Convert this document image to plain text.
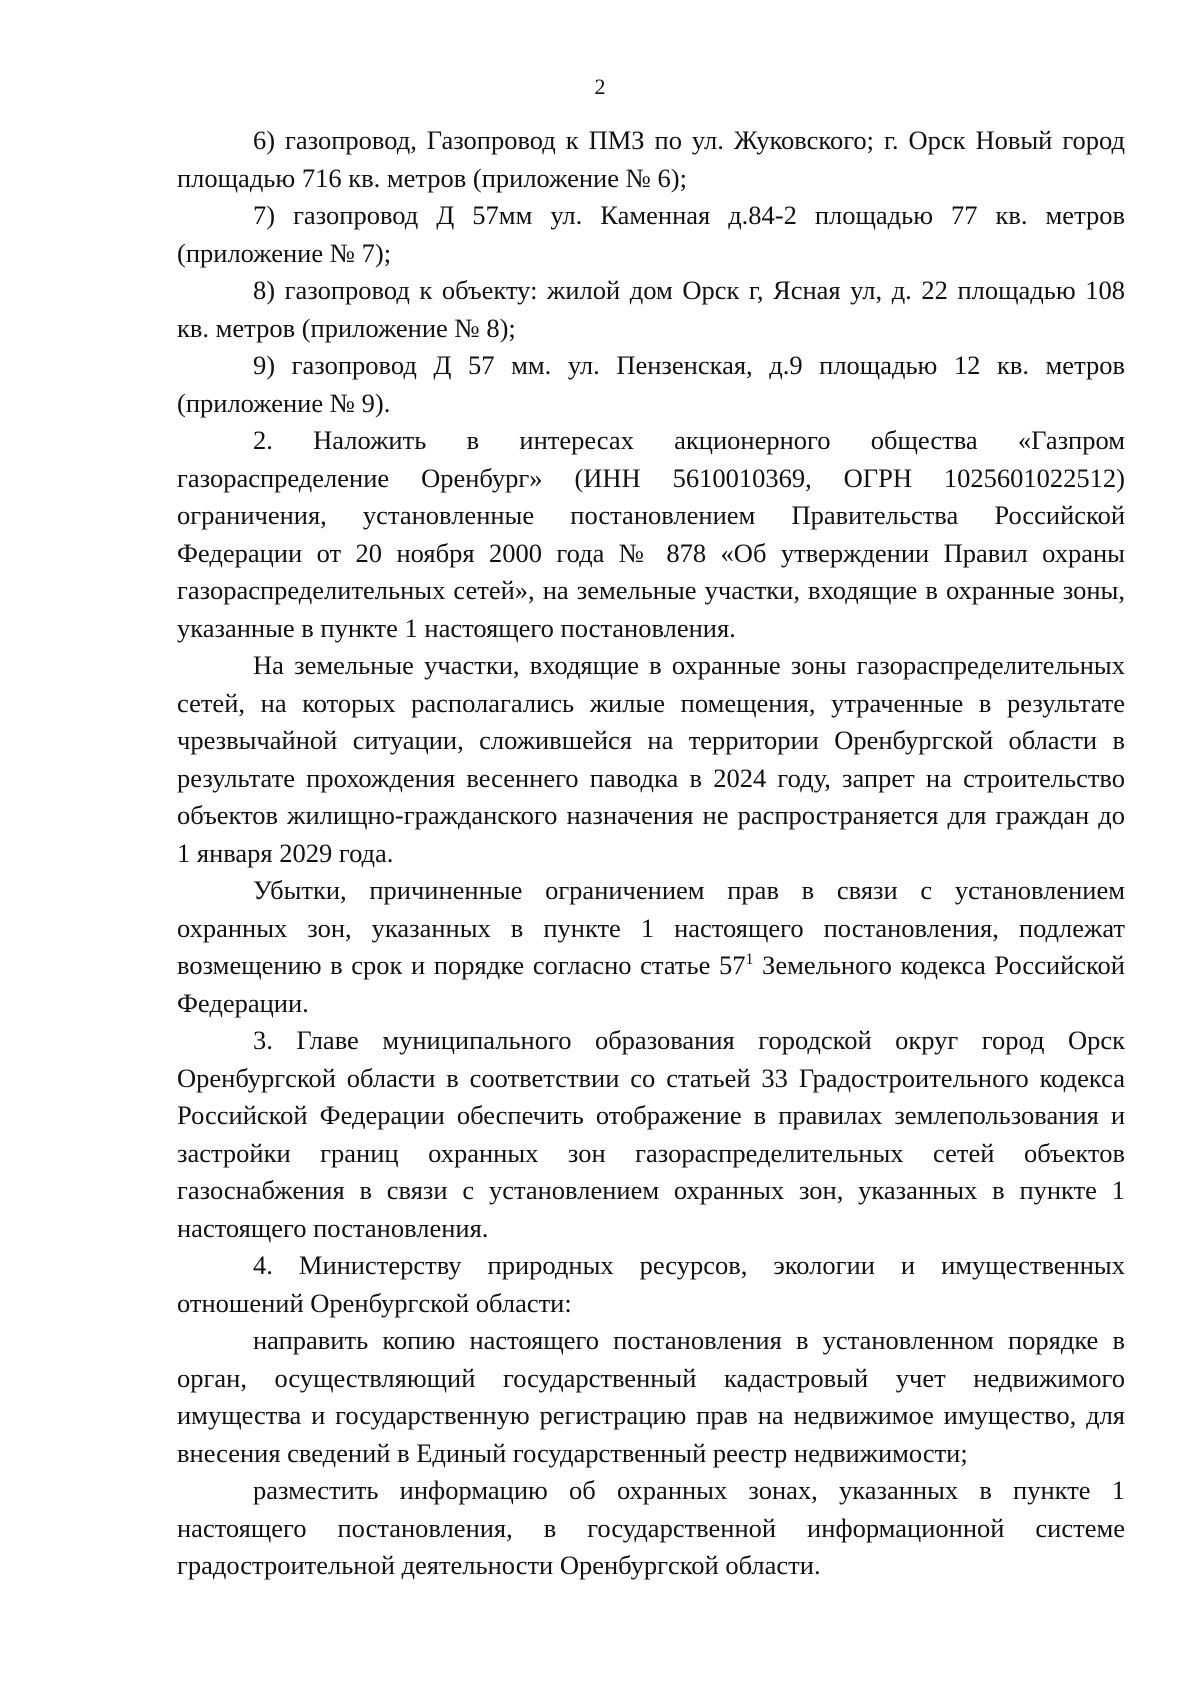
2

6) газопровод, Газопровод к ПМЗ по ул. Жуковского; г. Орск Новый город площадью 716 кв. метров (приложение № 6);

7) газопровод Д 57мм ул. Каменная д.84-2 площадью 77 кв. метров (приложение № 7);

8) газопровод к объекту: жилой дом Орск г, Ясная ул, д. 22 площадью 108 кв. метров (приложение № 8);

9) газопровод Д 57 мм. ул. Пензенская, д.9 площадью 12 кв. метров (приложение № 9).

2. Наложить в интересах акционерного общества «Газпром газораспределение Оренбург» (ИНН 5610010369, ОГРН 1025601022512) ограничения, установленные постановлением Правительства Российской Федерации от 20 ноября 2000 года № 878 «Об утверждении Правил охраны газораспределительных сетей», на земельные участки, входящие в охранные зоны, указанные в пункте 1 настоящего постановления.

На земельные участки, входящие в охранные зоны газораспределительных сетей, на которых располагались жилые помещения, утраченные в результате чрезвычайной ситуации, сложившейся на территории Оренбургской области в результате прохождения весеннего паводка в 2024 году, запрет на строительство объектов жилищно-гражданского назначения не распространяется для граждан до 1 января 2029 года.

Убытки, причиненные ограничением прав в связи с установлением охранных зон, указанных в пункте 1 настоящего постановления, подлежат возмещению в срок и порядке согласно статье $57^1$ Земельного кодекса Российской Федерации.

3. Главе муниципального образования городской округ город Орск Оренбургской области в соответствии со статьей 33 Градостроительного кодекса Российской Федерации обеспечить отображение в правилах землепользования и застройки границ охранных зон газораспределительных сетей объектов газоснабжения в связи с установлением охранных зон, указанных в пункте 1 настоящего постановления.

4. Министерству природных ресурсов, экологии и имущественных отношений Оренбургской области:

направить копию настоящего постановления в установленном порядке в орган, осуществляющий государственный кадастровый учет недвижимого имущества и государственную регистрацию прав на недвижимое имущество, для внесения сведений в Единый государственный реестр недвижимости;

разместить информацию об охранных зонах, указанных в пункте 1 настоящего постановления, в государственной информационной системе градостроительной деятельности Оренбургской области.
